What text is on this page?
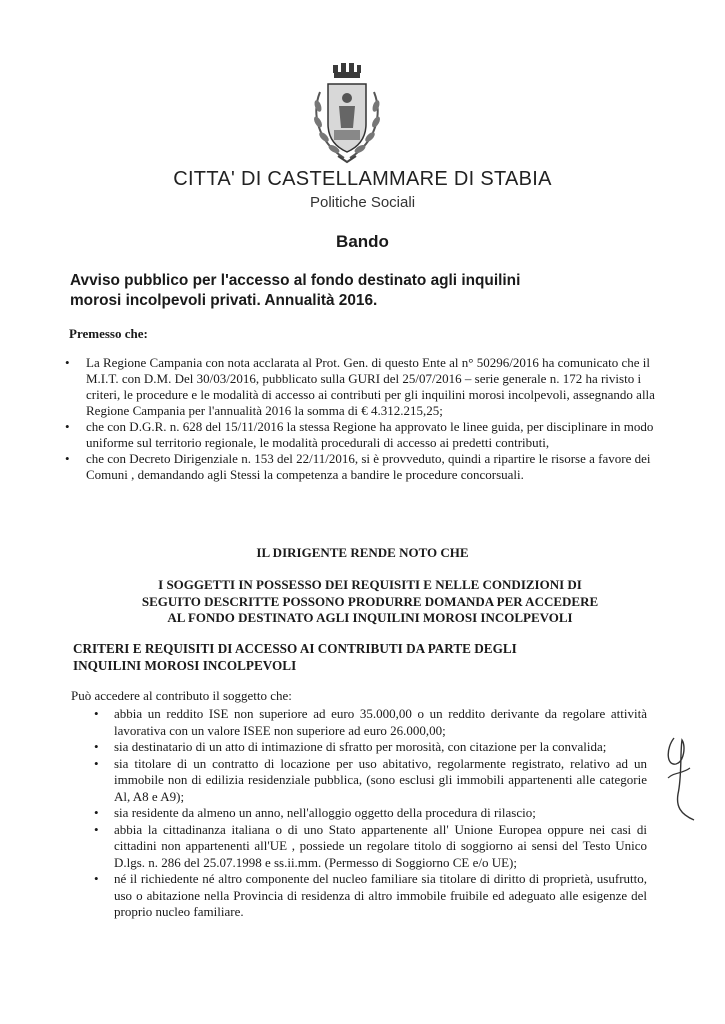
CITTA' DI CASTELLAMMARE DI STABIA
Politiche Sociali
Bando
Avviso pubblico per l'accesso al fondo destinato agli inquilini
morosi incolpevoli privati. Annualità 2016.
Premesso che:
• La Regione Campania con nota acclarata al Prot. Gen. di questo Ente al n° 50296/2016 ha comunicato che il M.I.T. con D.M. Del 30/03/2016, pubblicato sulla GURI del 25/07/2016 – serie generale n. 172 ha rivisto i criteri, le procedure e le modalità di accesso ai contributi per gli inquilini morosi incolpevoli, assegnando alla Regione Campania per l'annualità 2016 la somma di € 4.312.215,25;
• che con D.G.R. n. 628 del 15/11/2016 la stessa Regione ha approvato le linee guida, per disciplinare in modo uniforme sul territorio regionale, le modalità procedurali di accesso ai predetti contributi,
• che con Decreto Dirigenziale n. 153 del 22/11/2016, si è provveduto, quindi a ripartire le risorse a favore dei Comuni , demandando agli Stessi la competenza a bandire le procedure concorsuali.
IL DIRIGENTE RENDE NOTO CHE
I SOGGETTI IN POSSESSO DEI REQUISITI E NELLE CONDIZIONI DI
SEGUITO DESCRITTE POSSONO PRODURRE DOMANDA PER ACCEDERE
AL FONDO DESTINATO AGLI INQUILINI MOROSI INCOLPEVOLI
CRITERI E REQUISITI DI ACCESSO AI CONTRIBUTI DA PARTE DEGLI
INQUILINI MOROSI INCOLPEVOLI
Può accedere al contributo il soggetto che:
• abbia un reddito ISE non superiore ad euro 35.000,00 o un reddito derivante da regolare attività lavorativa con un valore ISEE non superiore ad euro 26.000,00;
• sia destinatario di un atto di intimazione di sfratto per morosità, con citazione per la convalida;
• sia titolare di un contratto di locazione per uso abitativo, regolarmente registrato, relativo ad un immobile non di edilizia residenziale pubblica, (sono esclusi gli immobili appartenenti alle categorie Al, A8 e A9);
• sia residente da almeno un anno, nell'alloggio oggetto della procedura di rilascio;
• abbia la cittadinanza italiana o di uno Stato appartenente all' Unione Europea oppure nei casi di cittadini non appartenenti all'UE , possiede un regolare titolo di soggiorno ai sensi del Testo Unico D.lgs. n. 286 del 25.07.1998 e ss.ii.mm. (Permesso di Soggiorno CE e/o UE);
• né il richiedente né altro componente del nucleo familiare sia titolare di diritto di proprietà, usufrutto, uso o abitazione nella Provincia di residenza di altro immobile fruibile ed adeguato alle esigenze del proprio nucleo familiare.
